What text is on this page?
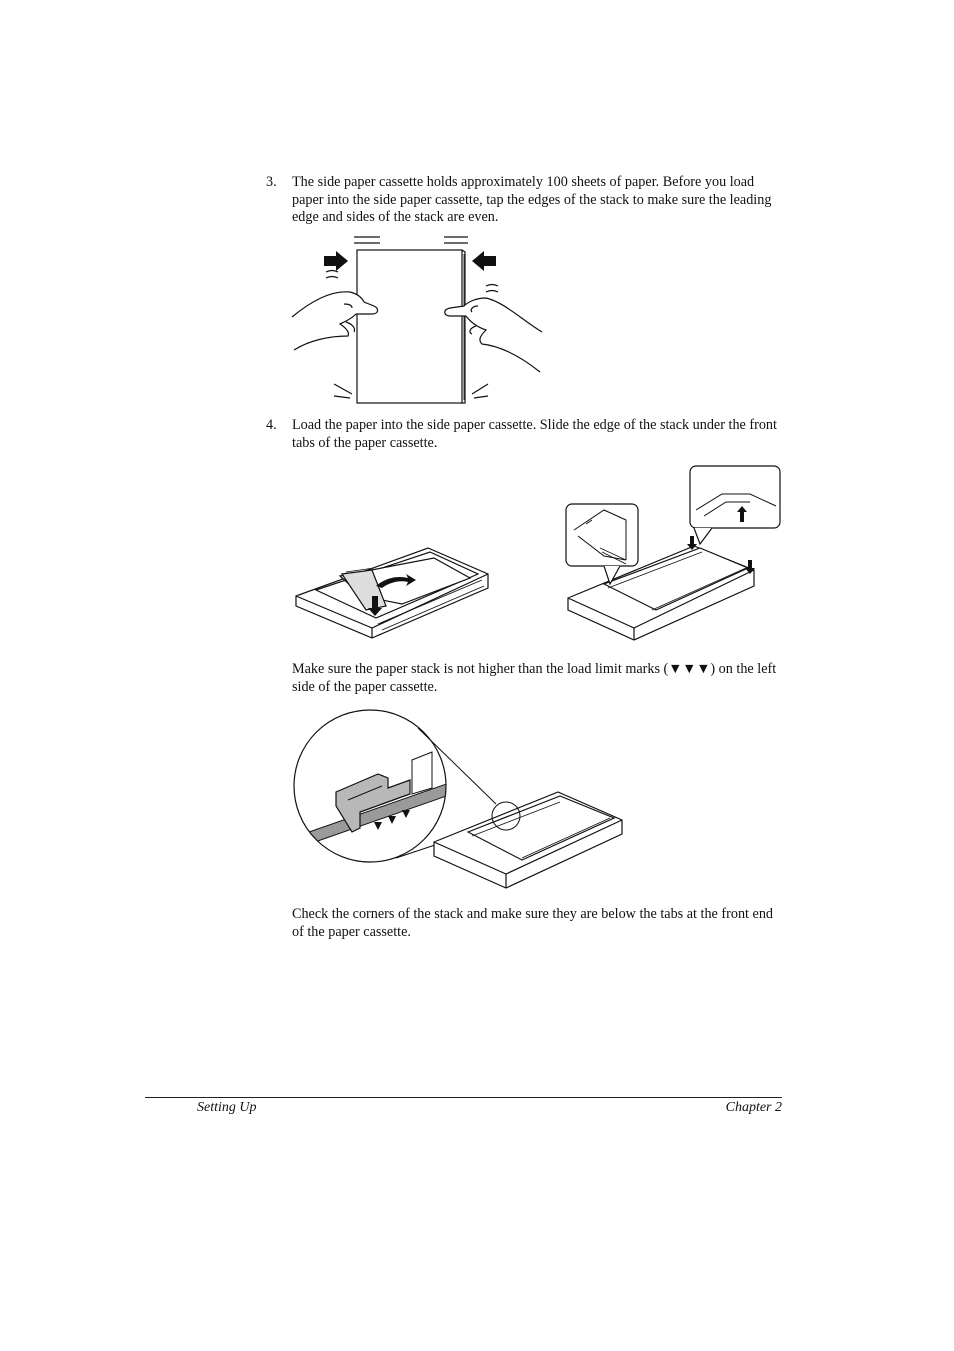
3. The side paper cassette holds approximately 100 sheets of paper. Before you load paper into the side paper cassette, tap the edges of the stack to make sure the leading edge and sides of the stack are even.
4. Load the paper into the side paper cassette. Slide the edge of the stack under the front tabs of the paper cassette.
Make sure the paper stack is not higher than the load limit marks (▼▼▼) on the left side of the paper cassette.
Check the corners of the stack and make sure they are below the tabs at the front end of the paper cassette.
Setting Up	Chapter 2
